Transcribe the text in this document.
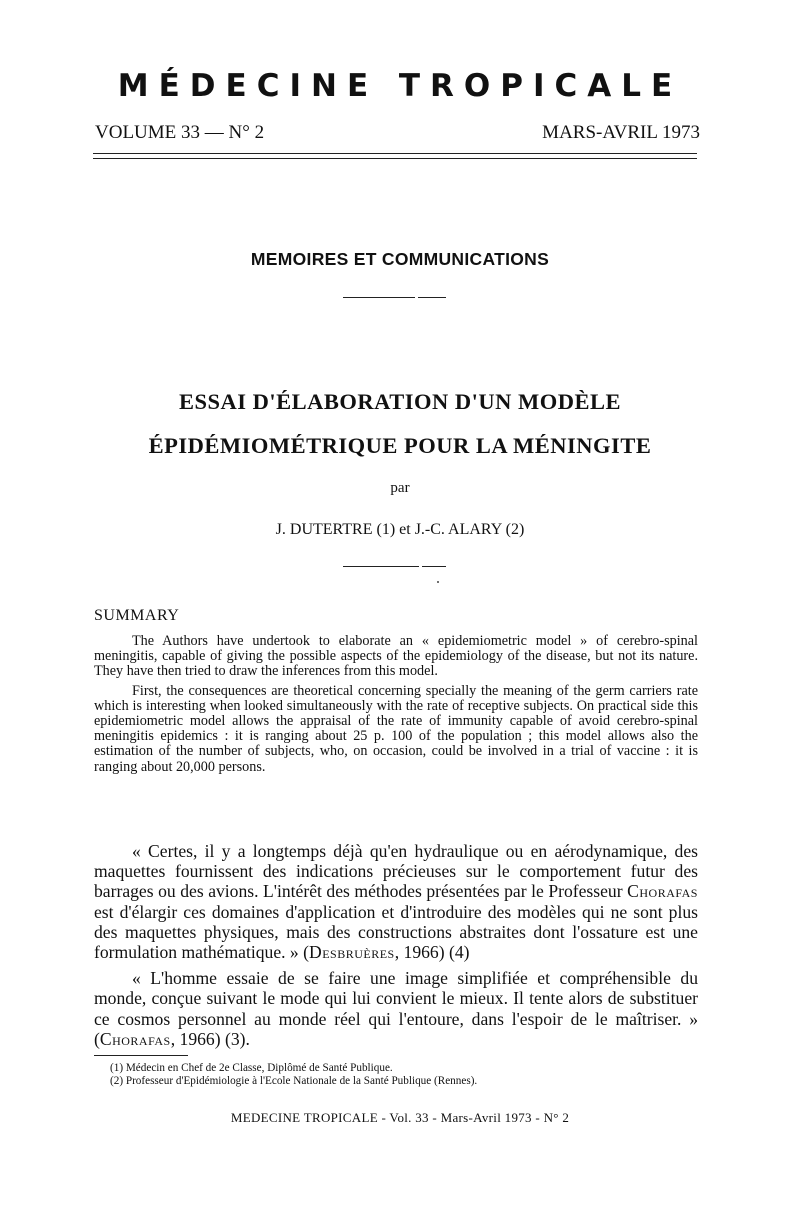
MÉDECINE TROPICALE
VOLUME 33 — N° 2	MARS-AVRIL 1973
MEMOIRES ET COMMUNICATIONS
ESSAI D'ÉLABORATION D'UN MODÈLE
ÉPIDÉMIOMÉTRIQUE POUR LA MÉNINGITE
par
J. DUTERTRE (1) et J.-C. ALARY (2)
SUMMARY

The Authors have undertook to elaborate an « epidemiometric model » of cerebro-spinal meningitis, capable of giving the possible aspects of the epidemiology of the disease, but not its nature. They have then tried to draw the inferences from this model.

First, the consequences are theoretical concerning specially the meaning of the germ carriers rate which is interesting when looked simultaneously with the rate of receptive subjects. On practical side this epidemiometric model allows the appraisal of the rate of immunity capable of avoid cerebro-spinal meningitis epidemics : it is ranging about 25 p. 100 of the population ; this model allows also the estimation of the number of subjects, who, on occasion, could be involved in a trial of vaccine : it is ranging about 20,000 persons.

« Certes, il y a longtemps déjà qu'en hydraulique ou en aérodynamique, des maquettes fournissent des indications précieuses sur le comportement futur des barrages ou des avions. L'intérêt des méthodes présentées par le Professeur Chorafas est d'élargir ces domaines d'application et d'introduire des modèles qui ne sont plus des maquettes physiques, mais des constructions abstraites dont l'ossature est une formulation mathématique. » (Desbruères, 1966) (4)

« L'homme essaie de se faire une image simplifiée et compréhensible du monde, conçue suivant le mode qui lui convient le mieux. Il tente alors de substituer ce cosmos personnel au monde réel qui l'entoure, dans l'espoir de le maîtriser. » (Chorafas, 1966) (3).

(1) Médecin en Chef de 2e Classe, Diplômé de Santé Publique.
(2) Professeur d'Epidémiologie à l'Ecole Nationale de la Santé Publique (Rennes).
MEDECINE TROPICALE - Vol. 33 - Mars-Avril 1973 - N° 2
